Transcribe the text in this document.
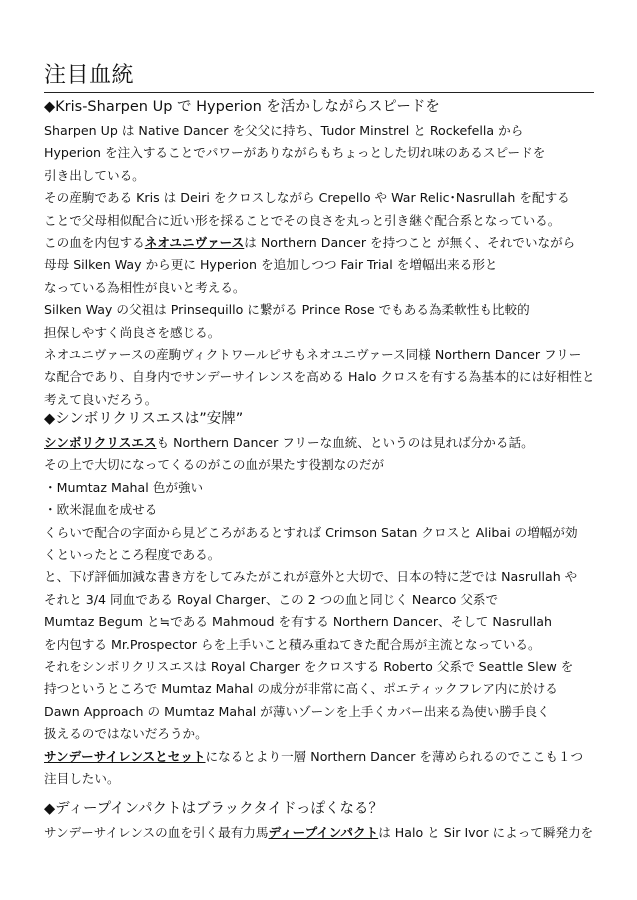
注目血統
◆Kris-Sharpen Up で Hyperion を活かしながらスピードを
Sharpen Up は Native Dancer を父父に持ち、Tudor Minstrel と Rockefella から
Hyperion を注入することでパワーがありながらもちょっとした切れ味のあるスピードを
引き出している。
その産駒である Kris は Deiri をクロスしながら Crepello や War Relic･Nasrullah を配する
ことで父母相似配合に近い形を採ることでその良さを丸っと引き継ぐ配合系となっている。
この血を内包するネオユニヴァースは Northern Dancer を持つこと が無く、それでいながら
母母 Silken Way から更に Hyperion を追加しつつ Fair Trial を増幅出来る形と
なっている為相性が良いと考える。
Silken Way の父祖は Prinsequillo に繋がる Prince Rose でもある為柔軟性も比較的
担保しやすく尚良さを感じる。
ネオユニヴァースの産駒ヴィクトワールピサもネオユニヴァース同様 Northern Dancer フリー
な配合であり、自身内でサンデーサイレンスを高める Halo クロスを有する為基本的には好相性と
考えて良いだろう。
◆シンボリクリスエスは”安牌”
シンボリクリスエスも Northern Dancer フリーな血統、というのは見れば分かる話。
その上で大切になってくるのがこの血が果たす役割なのだが
・Mumtaz Mahal 色が強い
・欧米混血を成せる
くらいで配合の字面から見どころがあるとすれば Crimson Satan クロスと Alibai の増幅が効
くといったところ程度である。
と、下げ評価加減な書き方をしてみたがこれが意外と大切で、日本の特に芝では Nasrullah や
それと 3/4 同血である Royal Charger、この 2 つの血と同じく Nearco 父系で
Mumtaz Begum と≒である Mahmoud を有する Northern Dancer、そして Nasrullah
を内包する Mr.Prospector らを上手いこと積み重ねてきた配合馬が主流となっている。
それをシンボリクリスエスは Royal Charger をクロスする Roberto 父系で Seattle Slew を
持つというところで Mumtaz Mahal の成分が非常に高く、ポエティックフレア内に於ける
Dawn Approach の Mumtaz Mahal が薄いゾーンを上手くカバー出来る為使い勝手良く
扱えるのではないだろうか。
サンデーサイレンスとセットになるとより一層 Northern Dancer を薄められるのでここも１つ
注目したい。
◆ディープインパクトはブラックタイドっぽくなる？
サンデーサイレンスの血を引く最有力馬ディープインパクトは Halo と Sir Ivor によって瞬発力を
